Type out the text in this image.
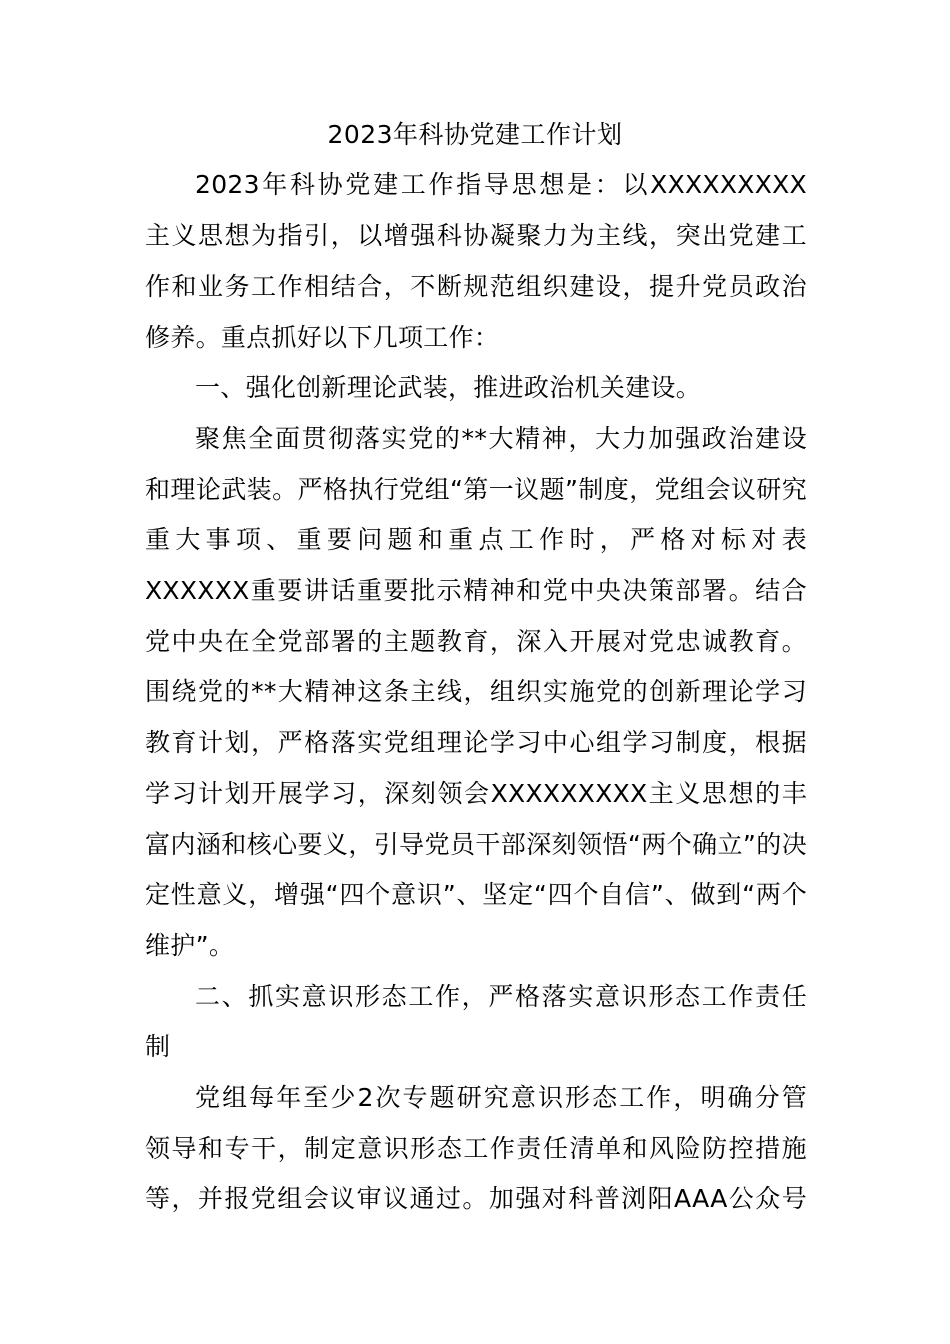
2023年科协党建工作计划
2023年科协党建工作指导思想是：以XXXXXXXXX
主义思想为指引，以增强科协凝聚力为主线，突出党建工
作和业务工作相结合，不断规范组织建设，提升党员政治
修养。重点抓好以下几项工作：
一、强化创新理论武装，推进政治机关建设。
聚焦全面贯彻落实党的**大精神，大力加强政治建设
和理论武装。严格执行党组“第一议题”制度，党组会议研究
重大事项、重要问题和重点工作时，严格对标对表
XXXXXX重要讲话重要批示精神和党中央决策部署。结合
党中央在全党部署的主题教育，深入开展对党忠诚教育。
围绕党的**大精神这条主线，组织实施党的创新理论学习
教育计划，严格落实党组理论学习中心组学习制度，根据
学习计划开展学习，深刻领会XXXXXXXXX主义思想的丰
富内涵和核心要义，引导党员干部深刻领悟“两个确立”的决
定性意义，增强“四个意识”、坚定“四个自信”、做到“两个
维护”。
二、抓实意识形态工作，严格落实意识形态工作责任
制
党组每年至少2次专题研究意识形态工作，明确分管
领导和专干，制定意识形态工作责任清单和风险防控措施
等，并报党组会议审议通过。加强对科普浏阳AAA公众号
